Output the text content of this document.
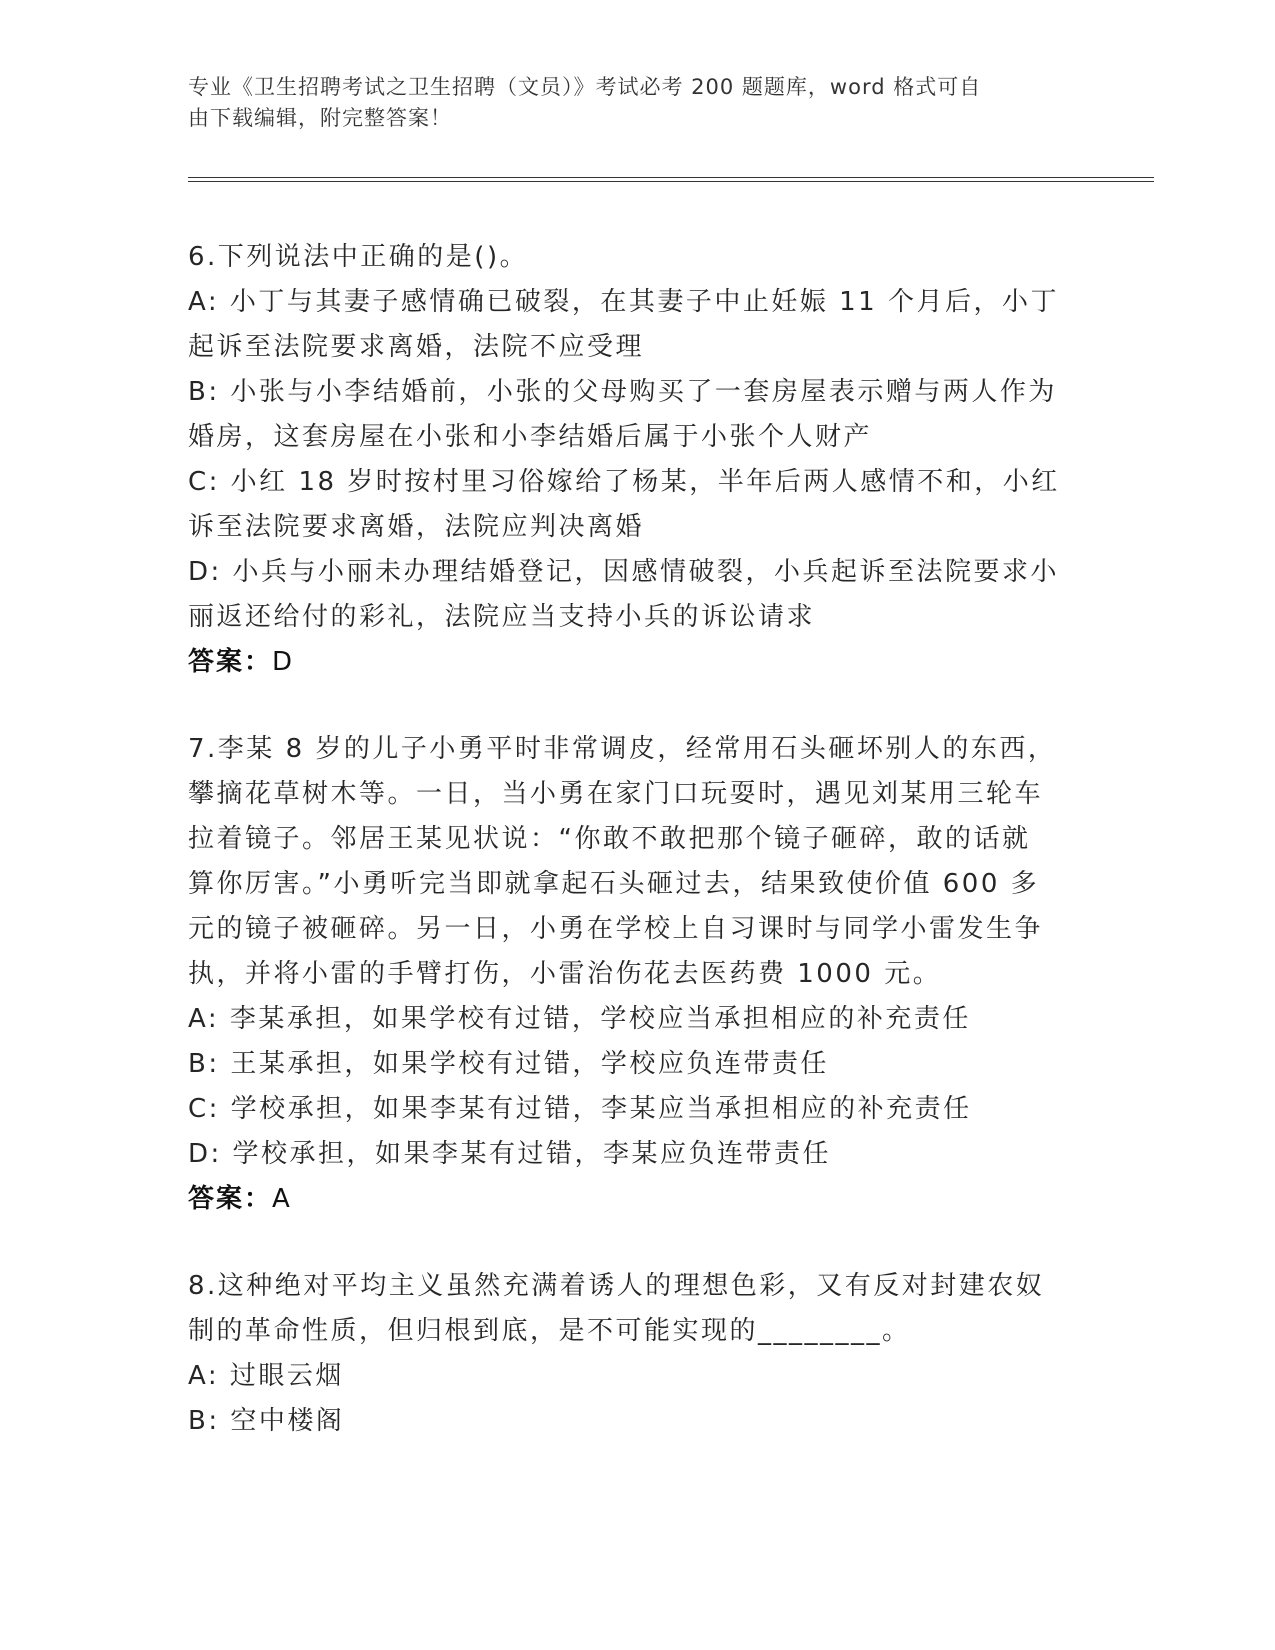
专业《卫生招聘考试之卫生招聘（文员）》考试必考 200 题题库，word 格式可自
由下载编辑，附完整答案！
6.下列说法中正确的是()。
A: 小丁与其妻子感情确已破裂，在其妻子中止妊娠 11 个月后，小丁
起诉至法院要求离婚，法院不应受理
B: 小张与小李结婚前，小张的父母购买了一套房屋表示赠与两人作为
婚房，这套房屋在小张和小李结婚后属于小张个人财产
C: 小红 18 岁时按村里习俗嫁给了杨某，半年后两人感情不和，小红
诉至法院要求离婚，法院应判决离婚
D: 小兵与小丽未办理结婚登记，因感情破裂，小兵起诉至法院要求小
丽返还给付的彩礼，法院应当支持小兵的诉讼请求
答案：D
7.李某 8 岁的儿子小勇平时非常调皮，经常用石头砸坏别人的东西，
攀摘花草树木等。一日，当小勇在家门口玩耍时，遇见刘某用三轮车
拉着镜子。邻居王某见状说：“你敢不敢把那个镜子砸碎，敢的话就
算你厉害。”小勇听完当即就拿起石头砸过去，结果致使价值 600 多
元的镜子被砸碎。另一日，小勇在学校上自习课时与同学小雷发生争
执，并将小雷的手臂打伤，小雷治伤花去医药费 1000 元。
A: 李某承担，如果学校有过错，学校应当承担相应的补充责任
B: 王某承担，如果学校有过错，学校应负连带责任
C: 学校承担，如果李某有过错，李某应当承担相应的补充责任
D: 学校承担，如果李某有过错，李某应负连带责任
答案：A
8.这种绝对平均主义虽然充满着诱人的理想色彩，又有反对封建农奴
制的革命性质，但归根到底，是不可能实现的________。
A: 过眼云烟
B: 空中楼阁
